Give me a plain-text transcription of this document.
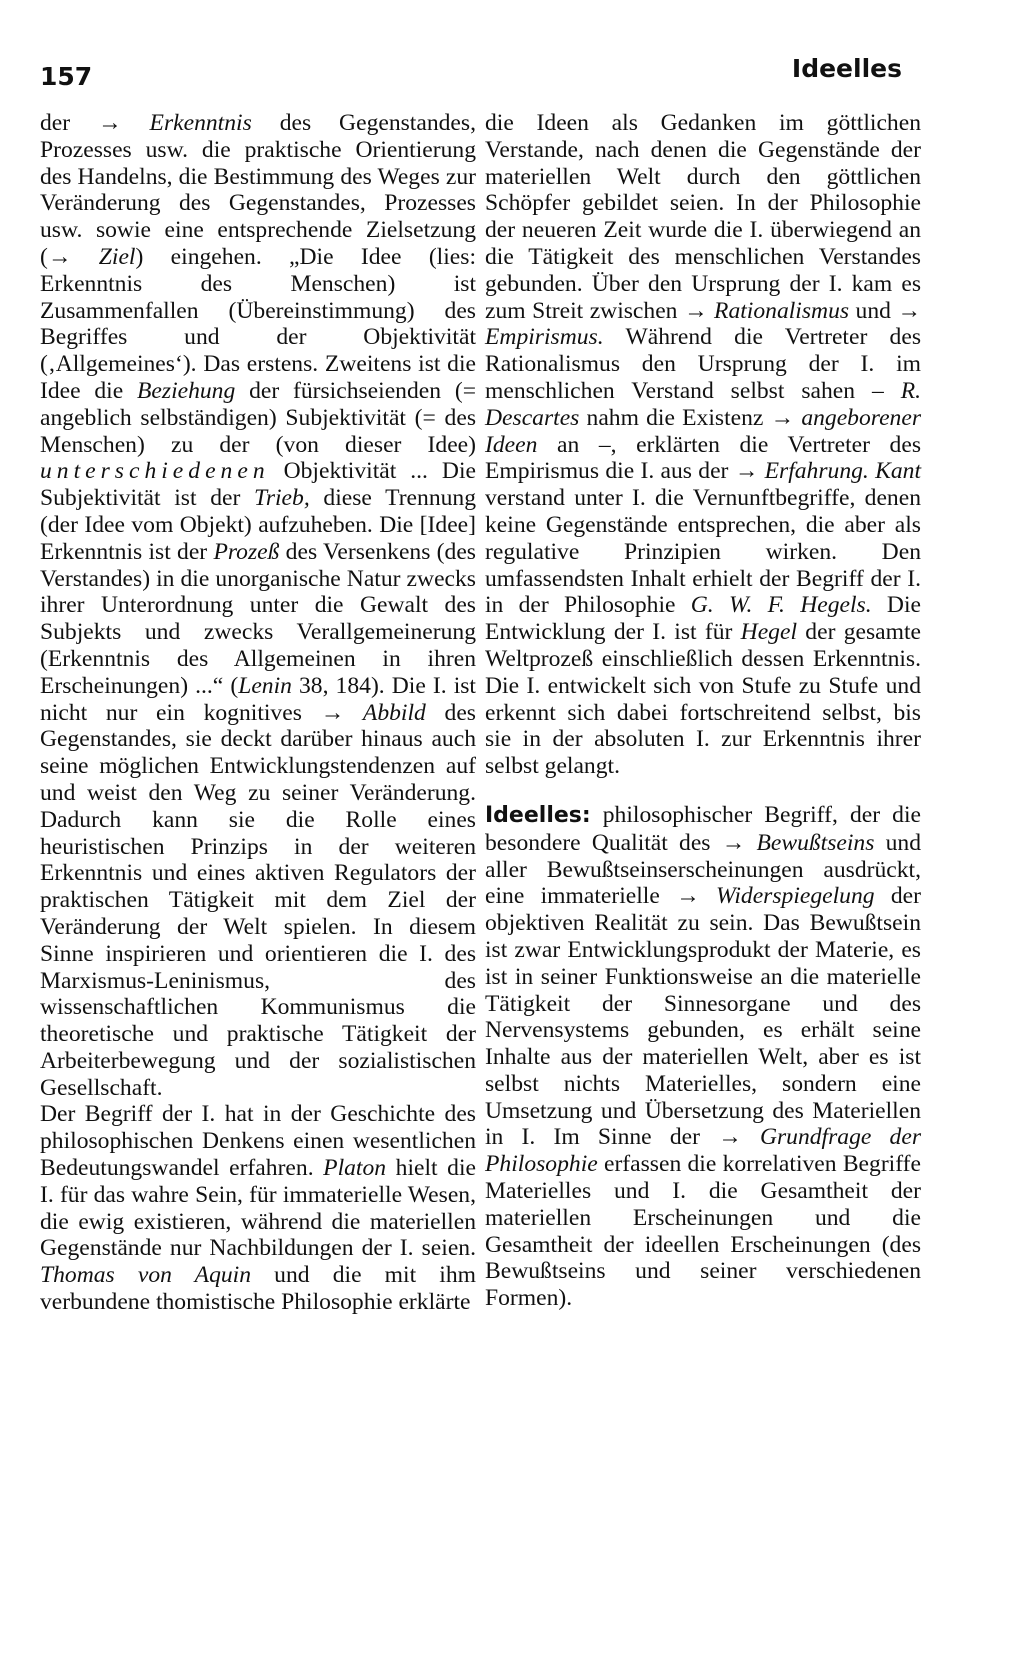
157	Ideelles

der → Erkenntnis des Gegenstandes, Prozesses usw. die praktische Orientierung des Handelns, die Bestimmung des Weges zur Veränderung des Gegenstandes, Prozesses usw. sowie eine entsprechende Zielsetzung (→ Ziel) eingehen. „Die Idee (lies: Erkenntnis des Menschen) ist Zusammenfallen (Übereinstimmung) des Begriffes und der Objektivität (‚Allgemeines‘). Das erstens. Zweitens ist die Idee die Beziehung der fürsichseienden (= angeblich selbständigen) Subjektivität (= des Menschen) zu der (von dieser Idee) unterschiedenen Objektivität ... Die Subjektivität ist der Trieb, diese Trennung (der Idee vom Objekt) aufzuheben. Die [Idee] Erkenntnis ist der Prozeß des Versenkens (des Verstandes) in die unorganische Natur zwecks ihrer Unterordnung unter die Gewalt des Subjekts und zwecks Verallgemeinerung (Erkenntnis des Allgemeinen in ihren Erscheinungen) ...“ (Lenin 38, 184). Die I. ist nicht nur ein kognitives → Abbild des Gegenstandes, sie deckt darüber hinaus auch seine möglichen Entwicklungstendenzen auf und weist den Weg zu seiner Veränderung. Dadurch kann sie die Rolle eines heuristischen Prinzips in der weiteren Erkenntnis und eines aktiven Regulators der praktischen Tätigkeit mit dem Ziel der Veränderung der Welt spielen. In diesem Sinne inspirieren und orientieren die I. des Marxismus-Leninismus, des wissenschaftlichen Kommunismus die theoretische und praktische Tätigkeit der Arbeiterbewegung und der sozialistischen Gesellschaft.

Der Begriff der I. hat in der Geschichte des philosophischen Denkens einen wesentlichen Bedeutungswandel erfahren. Platon hielt die I. für das wahre Sein, für immaterielle Wesen, die ewig existieren, während die materiellen Gegenstände nur Nachbildungen der I. seien. Thomas von Aquin und die mit ihm verbundene thomistische Philosophie erklärte

die Ideen als Gedanken im göttlichen Verstande, nach denen die Gegenstände der materiellen Welt durch den göttlichen Schöpfer gebildet seien. In der Philosophie der neueren Zeit wurde die I. überwiegend an die Tätigkeit des menschlichen Verstandes gebunden. Über den Ursprung der I. kam es zum Streit zwischen → Rationalismus und → Empirismus. Während die Vertreter des Rationalismus den Ursprung der I. im menschlichen Verstand selbst sahen – R. Descartes nahm die Existenz → angeborener Ideen an –, erklärten die Vertreter des Empirismus die I. aus der → Erfahrung. Kant verstand unter I. die Vernunftbegriffe, denen keine Gegenstände entsprechen, die aber als regulative Prinzipien wirken. Den umfassendsten Inhalt erhielt der Begriff der I. in der Philosophie G. W. F. Hegels. Die Entwicklung der I. ist für Hegel der gesamte Weltprozeß einschließlich dessen Erkenntnis. Die I. entwickelt sich von Stufe zu Stufe und erkennt sich dabei fortschreitend selbst, bis sie in der absoluten I. zur Erkenntnis ihrer selbst gelangt.

Ideelles: philosophischer Begriff, der die besondere Qualität des → Bewußtseins und aller Bewußtseinserscheinungen ausdrückt, eine immaterielle → Widerspiegelung der objektiven Realität zu sein. Das Bewußtsein ist zwar Entwicklungsprodukt der Materie, es ist in seiner Funktionsweise an die materielle Tätigkeit der Sinnesorgane und des Nervensystems gebunden, es erhält seine Inhalte aus der materiellen Welt, aber es ist selbst nichts Materielles, sondern eine Umsetzung und Übersetzung des Materiellen in I. Im Sinne der → Grundfrage der Philosophie erfassen die korrelativen Begriffe Materielles und I. die Gesamtheit der materiellen Erscheinungen und die Gesamtheit der ideellen Erscheinungen (des Bewußtseins und seiner verschiedenen Formen).
